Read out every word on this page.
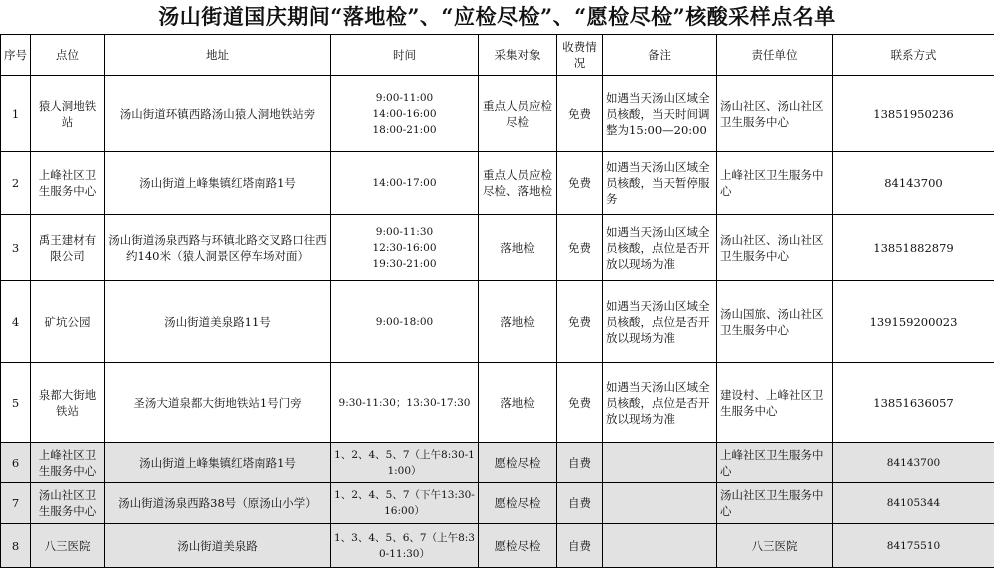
汤山街道国庆期间“落地检”、“应检尽检”、“愿检尽检”核酸采样点名单
序号	点位	地址	时间	采集对象	收费情况	备注	责任单位	联系方式
1	猿人洞地铁站	汤山街道环镇西路汤山猿人洞地铁站旁	9:00-11:00
14:00-16:00
18:00-21:00	重点人员应检尽检	免费	如遇当天汤山区域全员核酸，当天时间调整为15:00—20:00	汤山社区、汤山社区卫生服务中心	13851950236
2	上峰社区卫生服务中心	汤山街道上峰集镇红塔南路1号	14:00-17:00	重点人员应检尽检、落地检	免费	如遇当天汤山区域全员核酸，当天暂停服务	上峰社区卫生服务中心	84143700
3	禹王建材有限公司	汤山街道汤泉西路与环镇北路交叉路口往西约140米（猿人洞景区停车场对面）	9:00-11:30
12:30-16:00
19:30-21:00	落地检	免费	如遇当天汤山区域全员核酸，点位是否开放以现场为准	汤山社区、汤山社区卫生服务中心	13851882879
4	矿坑公园	汤山街道美泉路11号	9:00-18:00	落地检	免费	如遇当天汤山区域全员核酸，点位是否开放以现场为准	汤山国旅、汤山社区卫生服务中心	139159200023
5	泉都大街地铁站	圣汤大道泉都大街地铁站1号门旁	9:30-11:30；13:30-17:30	落地检	免费	如遇当天汤山区域全员核酸，点位是否开放以现场为准	建设村、上峰社区卫生服务中心	13851636057
6	上峰社区卫生服务中心	汤山街道上峰集镇红塔南路1号	1、2、4、5、7（上午8:30-11:00）	愿检尽检	自费		上峰社区卫生服务中心	84143700
7	汤山社区卫生服务中心	汤山街道汤泉西路38号（原汤山小学）	1、2、4、5、7（下午13:30-16:00）	愿检尽检	自费		汤山社区卫生服务中心	84105344
8	八三医院	汤山街道美泉路	1、3、4、5、6、7（上午8:30-11:30）	愿检尽检	自费		八三医院	84175510
